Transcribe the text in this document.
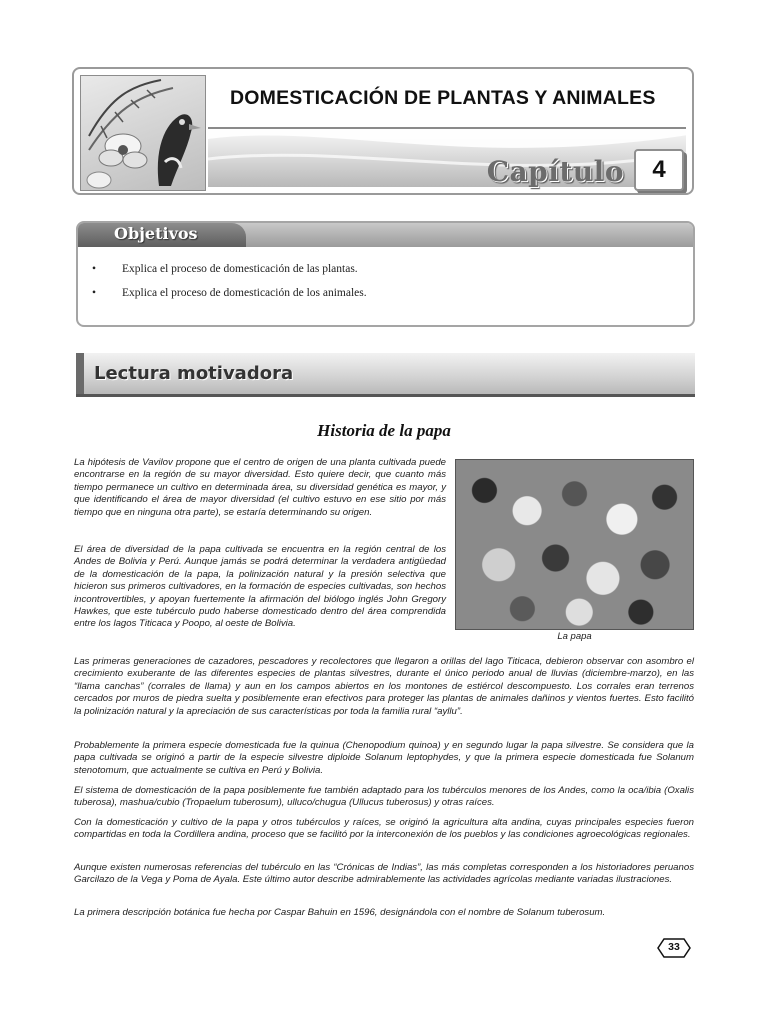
DOMESTICACIÓN DE PLANTAS Y ANIMALES
Capítulo	4
Objetivos
• Explica el proceso de domesticación de las plantas.
• Explica el proceso de domesticación de los animales.
Lectura motivadora
Historia de la papa
La papa

La hipótesis de Vavilov propone que el centro de origen de una planta cultivada puede encontrarse en la región de su mayor diversidad. Esto quiere decir, que cuanto más tiempo permanece un cultivo en determinada área, su diversidad genética es mayor, y que identificando el área de mayor diversidad (el cultivo estuvo en ese sitio por más tiempo que en ninguna otra parte), se estaría determinando su origen.

El área de diversidad de la papa cultivada se encuentra en la región central de los Andes de Bolivia y Perú. Aunque jamás se podrá determinar la verdadera antigüedad de la domesticación de la papa, la polinización natural y la presión selectiva que hicieron sus primeros cultivadores, en la formación de especies cultivadas, son hechos incontrovertibles, y apoyan fuertemente la afirmación del biólogo inglés John Gregory Hawkes, que este tubérculo pudo haberse domesticado dentro del área comprendida entre los lagos Titicaca y Poopo, al oeste de Bolivia.

Las primeras generaciones de cazadores, pescadores y recolectores que llegaron a orillas del lago Titicaca, debieron observar con asombro el crecimiento exuberante de las diferentes especies de plantas silvestres, durante el único periodo anual de lluvias (diciembre-marzo), en las “llama canchas” (corrales de llama) y aun en los campos abiertos en los montones de estiércol descompuesto. Los corrales eran terrenos cercados por muros de piedra suelta y posiblemente eran efectivos para proteger las plantas de animales dañinos y vientos fuertes. Esto facilitó la polinización natural y la apreciación de sus características por toda la familia rural “ayllu”.

Probablemente la primera especie domesticada fue la quinua (Chenopodium quinoa) y en segundo lugar la papa silvestre. Se considera que la papa cultivada se originó a partir de la especie silvestre diploide Solanum leptophydes, y que la primera especie domesticada fue Solanum stenotomum, que actualmente se cultiva en Perú y Bolivia.

El sistema de domesticación de la papa posiblemente fue también adaptado para los tubérculos menores de los Andes, como la oca/ibia (Oxalis tuberosa), mashua/cubio (Tropaelum tuberosum), ulluco/chugua (Ullucus tuberosus) y otras raíces.

Con la domesticación y cultivo de la papa y otros tubérculos y raíces, se originó la agricultura alta andina, cuyas principales especies fueron compartidas en toda la Cordillera andina, proceso que se facilitó por la interconexión de los pueblos y las condiciones agroecológicas regionales.

Aunque existen numerosas referencias del tubérculo en las “Crónicas de Indias”, las más completas corresponden a los historiadores peruanos Garcilazo de la Vega y Poma de Ayala. Este último autor describe admirablemente las actividades agrícolas mediante variadas ilustraciones.

La primera descripción botánica fue hecha por Caspar Bahuin en 1596, designándola con el nombre de Solanum tuberosum.

33
